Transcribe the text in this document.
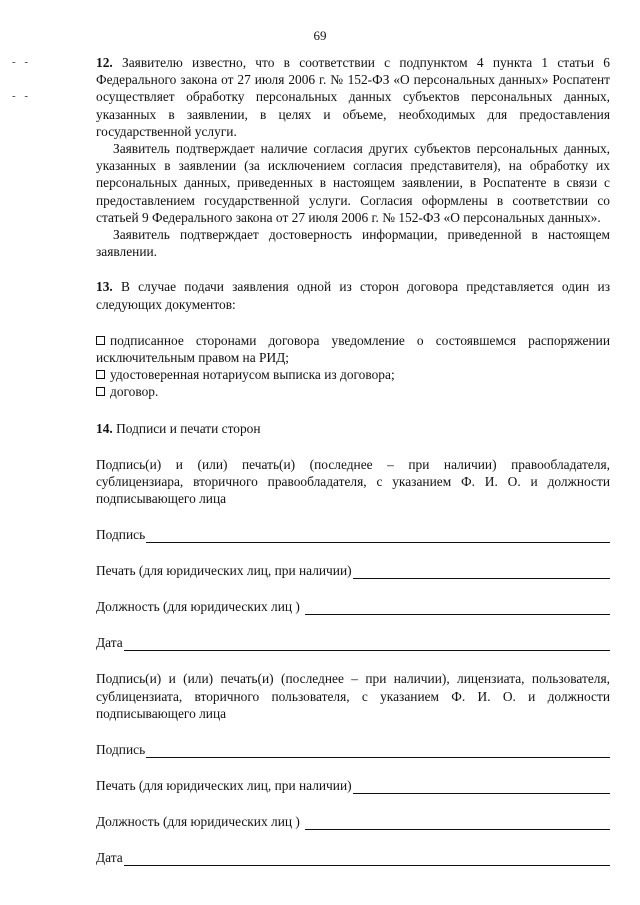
69
- -
- -

12. Заявителю известно, что в соответствии с подпунктом 4 пункта 1 статьи 6 Федерального закона от 27 июля 2006 г. № 152-ФЗ «О персональных данных» Роспатент осуществляет обработку персональных данных субъектов персональных данных, указанных в заявлении, в целях и объеме, необходимых для предоставления государственной услуги.

Заявитель подтверждает наличие согласия других субъектов персональных данных, указанных в заявлении (за исключением согласия представителя), на обработку их персональных данных, приведенных в настоящем заявлении, в Роспатенте в связи с предоставлением государственной услуги. Согласия оформлены в соответствии со статьей 9 Федерального закона от 27 июля 2006 г. № 152-ФЗ «О персональных данных».

Заявитель подтверждает достоверность информации, приведенной в настоящем заявлении.

13. В случае подачи заявления одной из сторон договора представляется один из следующих документов:

подписанное сторонами договора уведомление о состоявшемся распоряжении исключительным правом на РИД;

удостоверенная нотариусом выписка из договора;

договор.

14. Подписи и печати сторон

Подпись(и) и (или) печать(и) (последнее – при наличии) правообладателя, сублицензиара, вторичного правообладателя, с указанием Ф. И. О. и должности подписывающего лица

Подпись
Печать (для юридических лиц, при наличии)
Должность (для юридических лиц )
Дата

Подпись(и) и (или) печать(и) (последнее – при наличии), лицензиата, пользователя, сублицензиата, вторичного пользователя, с указанием Ф. И. О. и должности подписывающего лица

Подпись
Печать (для юридических лиц, при наличии)
Должность (для юридических лиц )
Дата
